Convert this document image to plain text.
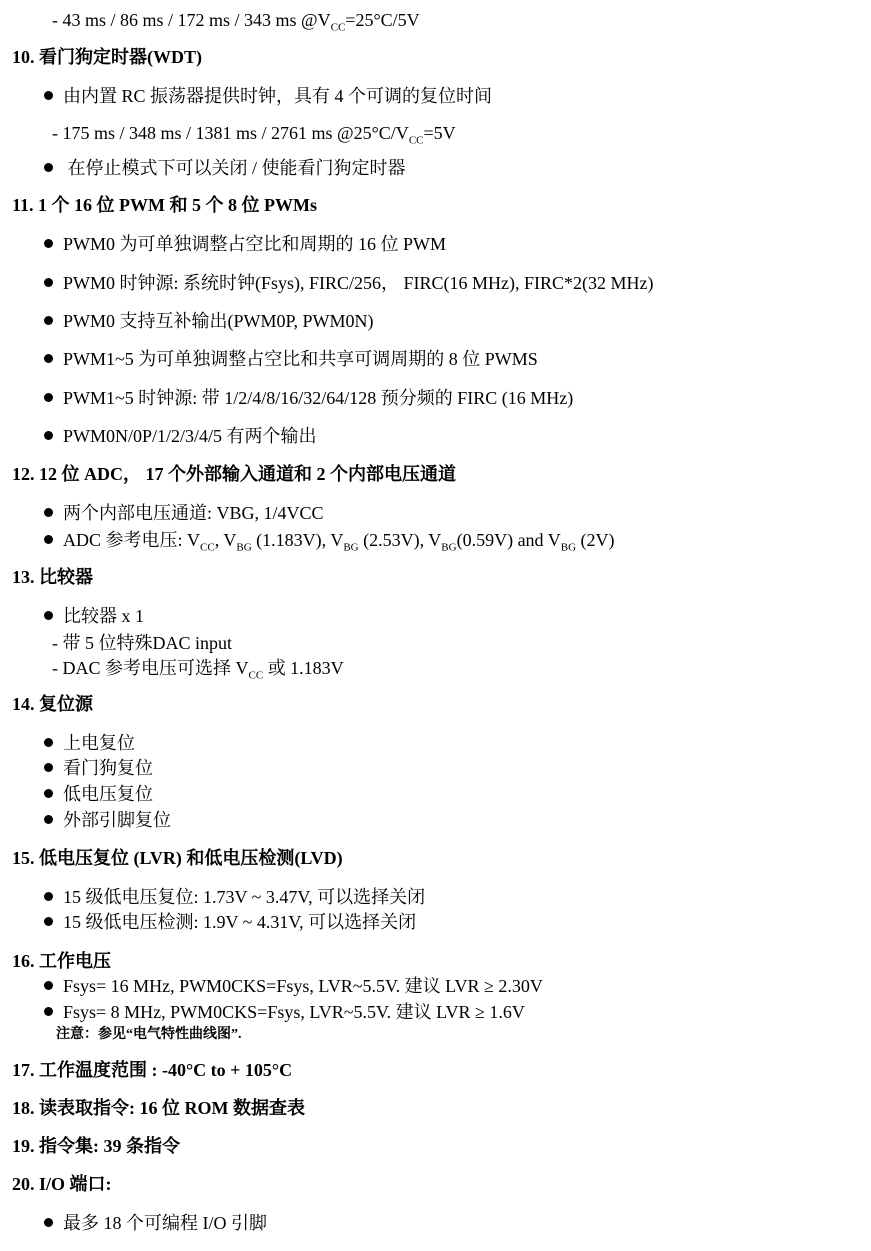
- 43 ms / 86 ms / 172 ms / 343 ms $@V_{CC}=25^\circ C/5V$
10. 看门狗定时器(WDT)
由内置 RC 振荡器提供时钟，具有 4 个可调的复位时间
- 175 ms / 348 ms / 1381 ms / 2761 ms $@25^\circ C/V_{CC}=5V$
在停止模式下可以关闭 / 使能看门狗定时器
11. 1 个 16 位 PWM 和 5 个 8 位 PWMs
PWM0 为可单独调整占空比和周期的 16 位 PWM
PWM0 时钟源: 系统时钟(Fsys), FIRC/256， FIRC(16 MHz), FIRC*2(32 MHz)
PWM0 支持互补输出(PWM0P, PWM0N)
PWM1~5 为可单独调整占空比和共享可调周期的 8 位 PWMS
PWM1~5 时钟源: 带 1/2/4/8/16/32/64/128 预分频的 FIRC (16 MHz)
PWM0N/0P/1/2/3/4/5 有两个输出
12. 12 位 ADC， 17 个外部输入通道和 2 个内部电压通道
两个内部电压通道: VBG, 1/4VCC
ADC 参考电压: $V_{CC}$, $V_{BG}$ (1.183V), $V_{BG}$ (2.53V), $V_{BG}(0.59V)$ and $V_{BG}$ (2V)
13. 比较器
比较器 x 1
- 带 5 位特殊DAC input
- DAC 参考电压可选择 $V_{CC}$ 或 1.183V
14. 复位源
上电复位
看门狗复位
低电压复位
外部引脚复位
15. 低电压复位 (LVR) 和低电压检测(LVD)
15 级低电压复位: 1.73V ~ 3.47V, 可以选择关闭
15 级低电压检测: 1.9V ~ 4.31V, 可以选择关闭
16. 工作电压
Fsys= 16 MHz, PWM0CKS=Fsys, LVR~5.5V. 建议 LVR ≥ 2.30V
Fsys= 8 MHz, PWM0CKS=Fsys, LVR~5.5V. 建议 LVR ≥ 1.6V
注意：参见“电气特性曲线图”.
17. 工作温度范围 : -40°C to + 105°C
18. 读表取指令: 16 位 ROM 数据查表
19. 指令集: 39 条指令
20. I/O 端口:
最多 18 个可编程 I/O 引脚
